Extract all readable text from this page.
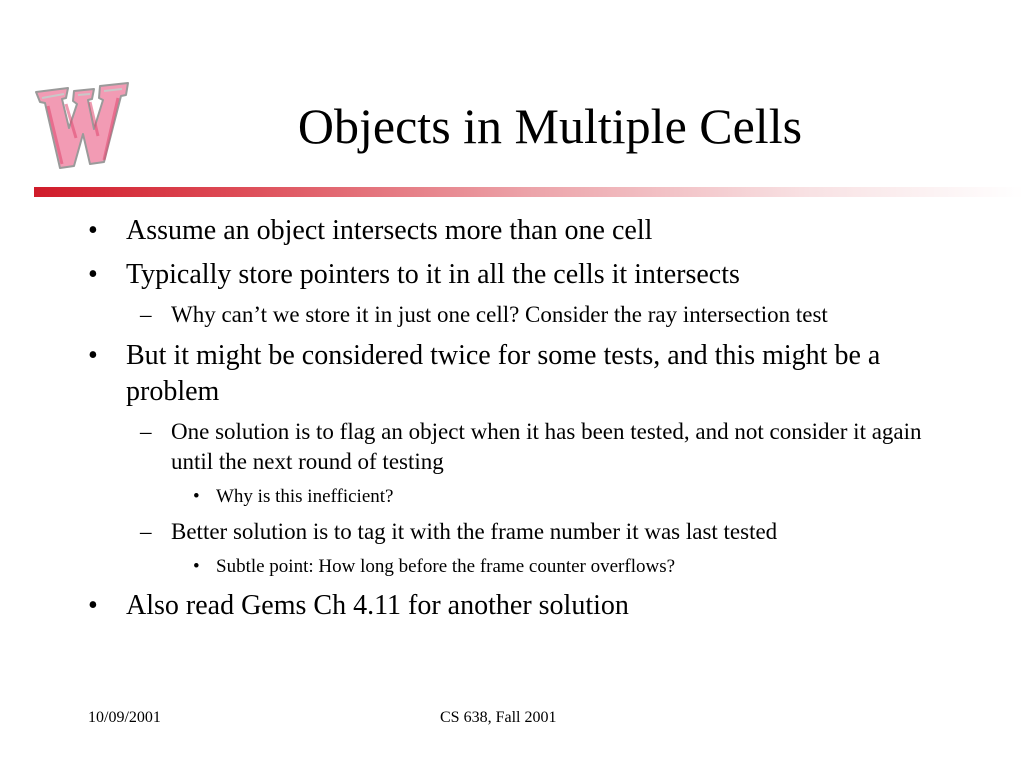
Objects in Multiple Cells
• Assume an object intersects more than one cell
• Typically store pointers to it in all the cells it intersects
– Why can’t we store it in just one cell? Consider the ray intersection test
• But it might be considered twice for some tests, and this might be a problem
– One solution is to flag an object when it has been tested, and not consider it again until the next round of testing
• Why is this inefficient?
– Better solution is to tag it with the frame number it was last tested
• Subtle point: How long before the frame counter overflows?
• Also read Gems Ch 4.11 for another solution
10/09/2001	CS 638, Fall 2001
